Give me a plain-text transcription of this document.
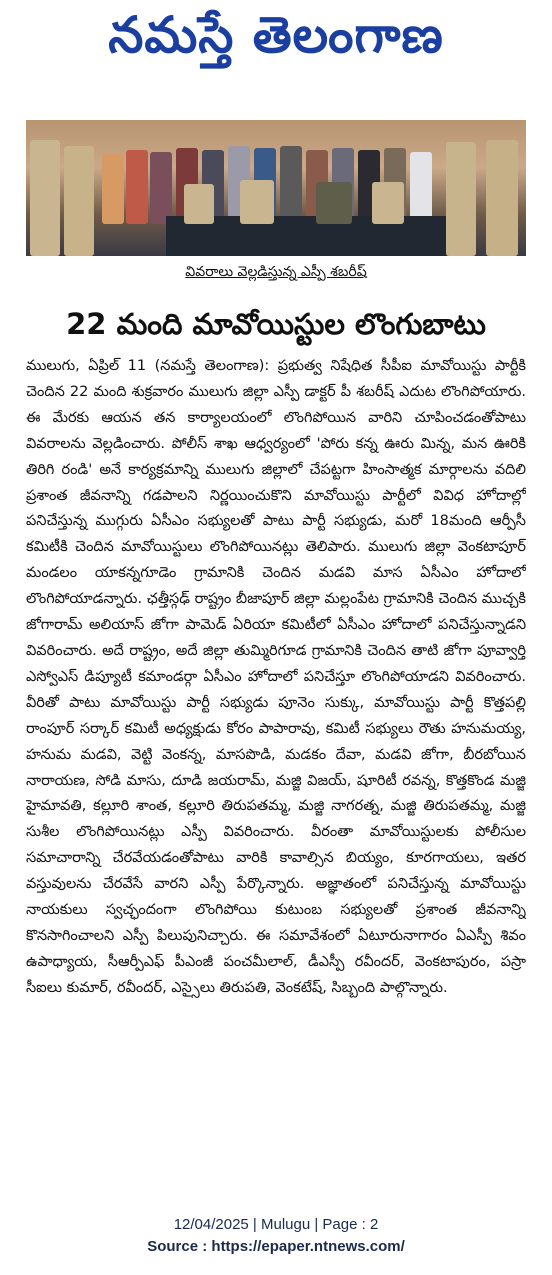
నమస్తే తెలంగాణ
వివరాలు వెల్లడిస్తున్న ఎస్పీ శబరీష్
22 మంది మావోయిస్టుల లొంగుబాటు
ములుగు, ఏప్రిల్ 11 (నమస్తే తెలంగాణ): ప్రభుత్వ నిషేధిత సీపీఐ మావోయిస్టు పార్టీకి చెందిన 22 మంది శుక్రవారం ములుగు జిల్లా ఎస్పీ డాక్టర్ పీ శబరీష్ ఎదుట లొంగిపోయారు. ఈ మేరకు ఆయన తన కార్యాలయంలో లొంగిపోయిన వారిని చూపించడంతోపాటు వివరాలను వెల్లడించారు. పోలీస్ శాఖ ఆధ్వర్యంలో 'పోరు కన్న ఊరు మిన్న, మన ఊరికి తిరిగి రండి' అనే కార్యక్రమాన్ని ములుగు జిల్లాలో చేపట్టగా హింసాత్మక మార్గాలను వదిలి ప్రశాంత జీవనాన్ని గడపాలని నిర్ణయించుకొని మావోయిస్టు పార్టీలో వివిధ హోదాల్లో పనిచేస్తున్న ముగ్గురు ఏసీఎం సభ్యులతో పాటు పార్టీ సభ్యుడు, మరో 18మంది ఆర్పీసీ కమిటీకి చెందిన మావోయిస్టులు లొంగిపోయినట్లు తెలిపారు. ములుగు జిల్లా వెంకటాపూర్ మండలం యాకన్నగూడెం గ్రామానికి చెందిన మడవి మాస ఏసీఎం హోదాలో లొంగిపోయాడన్నారు. ఛత్తీస్గఢ్ రాష్ట్రం బీజాపూర్ జిల్లా మల్లంపేట గ్రామానికి చెందిన ముచ్చకి జోగారామ్ అలియాస్ జోగా పామెడ్ ఏరియా కమిటీలో ఏసీఎం హోదాలో పనిచేస్తున్నాడని వివరించారు. అదే రాష్ట్రం, అదే జిల్లా తుమ్మిరిగూడ గ్రామానికి చెందిన తాటి జోగా పూవ్వార్తి ఎస్వోఎస్ డిప్యూటీ కమాండర్గా ఏసీఎం హోదాలో పనిచేస్తూ లొంగిపోయాడని వివరించారు. వీరితో పాటు మావోయిస్టు పార్టీ సభ్యుడు పూనెం సుక్కు, మావోయిస్టు పార్టీ కొత్తపల్లి రాంపూర్ సర్కార్ కమిటీ అధ్యక్షుడు కోరం పాపారావు, కమిటీ సభ్యులు రౌతు హనుమయ్య, హనుమ మడవి, వెట్టి వెంకన్న, మాసపొడి, మడకం దేవా, మడవి జోగా, బీరబోయిన నారాయణ, సోడి మాసు, దూడి జయరామ్, మజ్జి విజయ్, షూరిటీ రవన్న, కొత్తకొండ మజ్జి హైమావతి, కల్లూరి శాంత, కల్లూరి తిరుపతమ్మ, మజ్జి నాగరత్న, మజ్జి తిరుపతమ్మ, మజ్జి సుశీల లొంగిపోయినట్లు ఎస్పీ వివరించారు. వీరంతా మావోయిస్టులకు పోలీసుల సమాచారాన్ని చేరవేయడంతోపాటు వారికి కావాల్సిన బియ్యం, కూరగాయలు, ఇతర వస్తువులను చేరవేసే వారని ఎస్పీ పేర్కొన్నారు. అజ్ఞాతంలో పనిచేస్తున్న మావోయిస్టు నాయకులు స్వచ్ఛందంగా లొంగిపోయి కుటుంబ సభ్యులతో ప్రశాంత జీవనాన్ని కొనసాగించాలని ఎస్పీ పిలుపునిచ్చారు. ఈ సమావేశంలో ఏటూరునాగారం ఏఎస్పీ శివం ఉపాధ్యాయ, సీఆర్పీఎఫ్ పీఎంజీ పంచమీలాల్, డీఎస్పీ రవీందర్, వెంకటాపురం, పస్రా సీఐలు కుమార్, రవీందర్, ఎస్సైలు తిరుపతి, వెంకటేష్, సిబ్బంది పాల్గొన్నారు.
12/04/2025 | Mulugu | Page : 2
Source : https://epaper.ntnews.com/
